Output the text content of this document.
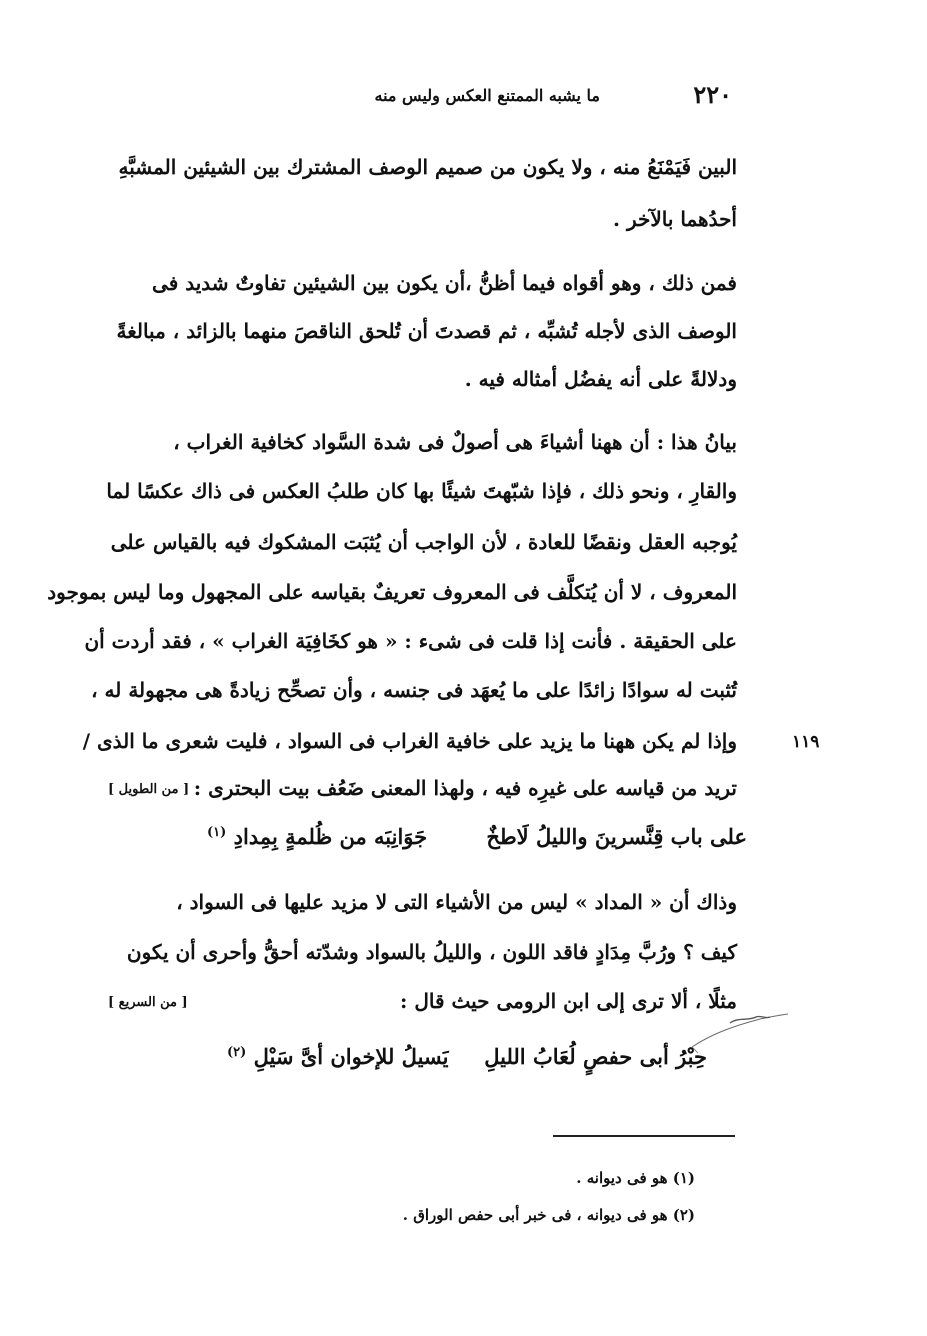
٢٢٠
ما يشبه الممتنع العكس وليس منه
البين فَيَمْنَعُ منه ، ولا يكون من صميم الوصف المشترك بين الشيئين المشبَّهِ
أحدُهما بالآخر .
فمن ذلك ، وهو أقواه فيما أظنُّ ،أن يكون بين الشيئين تفاوتٌ شديد فى
الوصف الذى لأجله تُشبِّه ، ثم قصدتَ أن تُلحق الناقصَ منهما بالزائد ، مبالغةً
ودلالةً على أنه يفضُل أمثاله فيه .
بيانُ هذا : أن ههنا أشياءَ هى أصولٌ فى شدة السَّواد كخافية الغراب ،
والقارِ ، ونحو ذلك ، فإذا شبّهتَ شيئًا بها كان طلبُ العكس فى ذاك عكسًا لما
يُوجبه العقل ونقضًا للعادة ، لأن الواجب أن يُثبَت المشكوك فيه بالقياس على
المعروف ، لا أن يُتكلَّف فى المعروف تعريفٌ بقياسه على المجهول وما ليس بموجود
على الحقيقة . فأنت إذا قلت فى شىء : « هو كخَافِيَة الغراب » ، فقد أردت أن
تُثبت له سوادًا زائدًا على ما يُعهَد فى جنسه ، وأن تصحِّح زيادةً هى مجهولة له ،
وإذا لم يكن ههنا ما يزيد على خافية الغراب فى السواد ، فليت شعرى ما الذى /
تريد من قياسه على غيرِه فيه ، ولهذا المعنى ضَعُف بيت البحترى :
١١٩
[ من الطويل ]
على باب قِنَّسرينَ والليلُ لَاطخٌ
جَوَانِبَه من ظُلمةٍ بِمِدادِ $^{(١)}$
وذاك أن « المداد » ليس من الأشياء التى لا مزيد عليها فى السواد ،
كيف ؟ ورُبَّ مِدَادٍ فاقد اللون ، والليلُ بالسواد وشدّته أحقُّ وأحرى أن يكون
مثلًا ، ألا ترى إلى ابن الرومى حيث قال :
[ من السريع ]
حِبْرُ أبى حفصٍ لُعَابُ الليلِ
يَسيلُ للإخوان أىَّ سَيْلِ $^{(٢)}$
(١) هو فى ديوانه .
(٢) هو فى ديوانه ، فى خبر أبى حفص الوراق .
